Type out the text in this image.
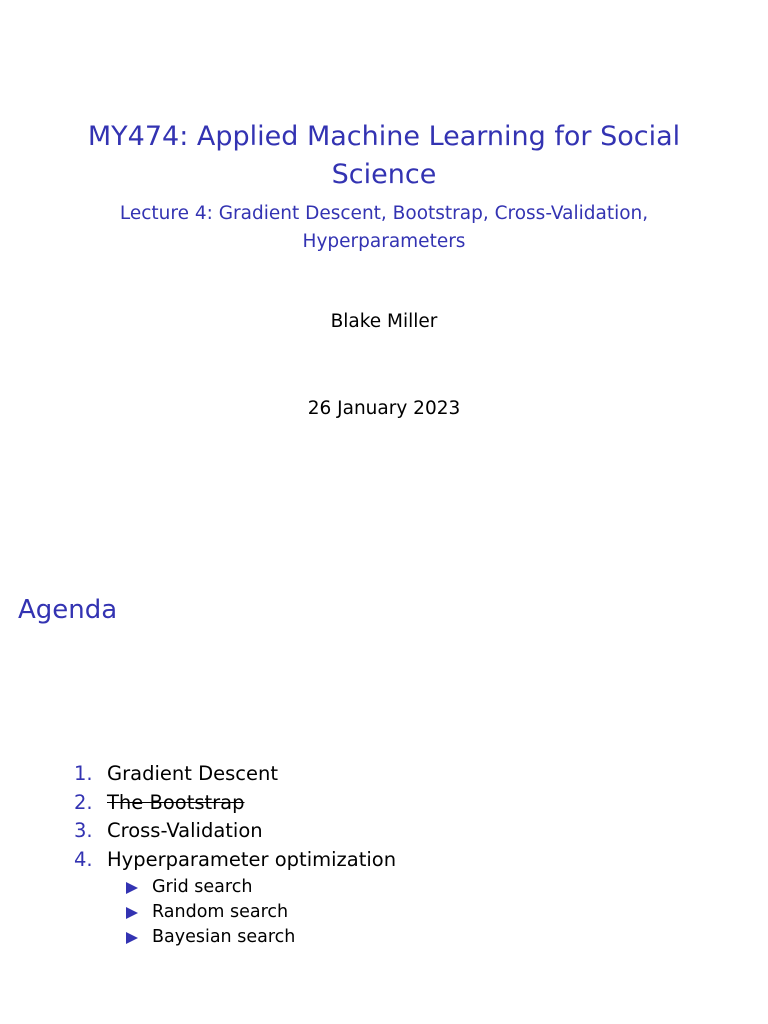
MY474: Applied Machine Learning for Social
Science
Lecture 4: Gradient Descent, Bootstrap, Cross-Validation,
Hyperparameters
Blake Miller
26 January 2023
Agenda
1. Gradient Descent
2. The Bootstrap
3. Cross-Validation
4. Hyperparameter optimization
Grid search
Random search
Bayesian search
